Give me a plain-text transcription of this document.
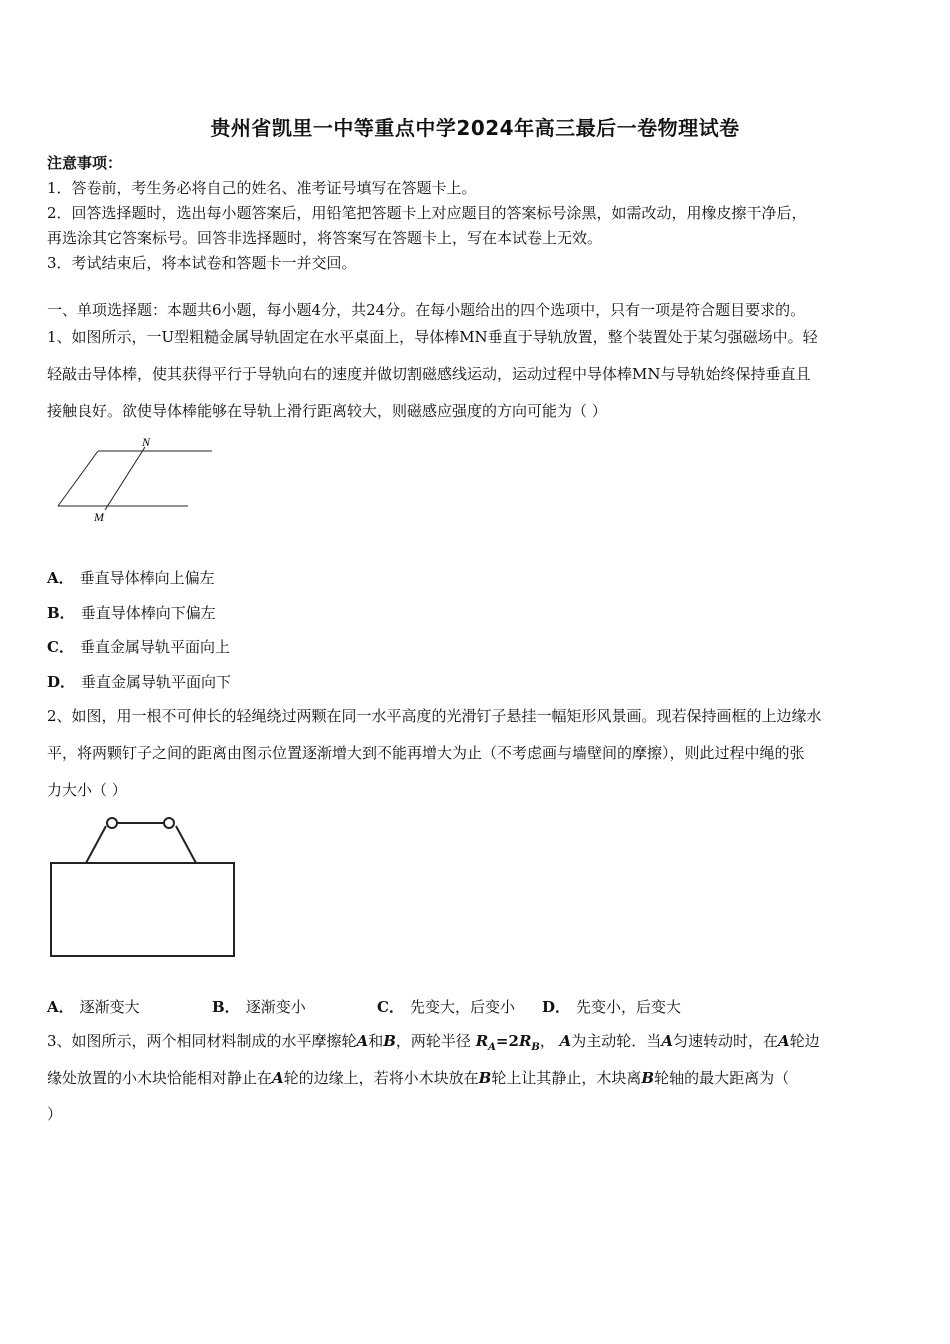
贵州省凯里一中等重点中学2024年高三最后一卷物理试卷
注意事项：
1．答卷前，考生务必将自己的姓名、准考证号填写在答题卡上。
2．回答选择题时，选出每小题答案后，用铅笔把答题卡上对应题目的答案标号涂黑，如需改动，用橡皮擦干净后，
再选涂其它答案标号。回答非选择题时，将答案写在答题卡上，写在本试卷上无效。
3．考试结束后，将本试卷和答题卡一并交回。
一、单项选择题：本题共6小题，每小题4分，共24分。在每小题给出的四个选项中，只有一项是符合题目要求的。
1、如图所示，一U型粗糙金属导轨固定在水平桌面上，导体棒MN垂直于导轨放置，整个装置处于某匀强磁场中。轻
轻敲击导体棒，使其获得平行于导轨向右的速度并做切割磁感线运动，运动过程中导体棒MN与导轨始终保持垂直且
接触良好。欲使导体棒能够在导轨上滑行距离较大，则磁感应强度的方向可能为（ ）
N
M
A． 垂直导体棒向上偏左
B． 垂直导体棒向下偏左
C． 垂直金属导轨平面向上
D． 垂直金属导轨平面向下
2、如图，用一根不可伸长的轻绳绕过两颗在同一水平高度的光滑钉子悬挂一幅矩形风景画。现若保持画框的上边缘水
平，将两颗钉子之间的距离由图示位置逐渐增大到不能再增大为止（不考虑画与墙壁间的摩擦），则此过程中绳的张
力大小（ ）
A． 逐渐变大	B． 逐渐变小	C． 先变大，后变小 D． 先变小，后变大
3、如图所示，两个相同材料制成的水平摩擦轮A和B，两轮半径 $R_A=2R_B$， A为主动轮．当A匀速转动时，在A轮边
缘处放置的小木块恰能相对静止在A轮的边缘上，若将小木块放在B轮上让其静止，木块离B轮轴的最大距离为（
）
